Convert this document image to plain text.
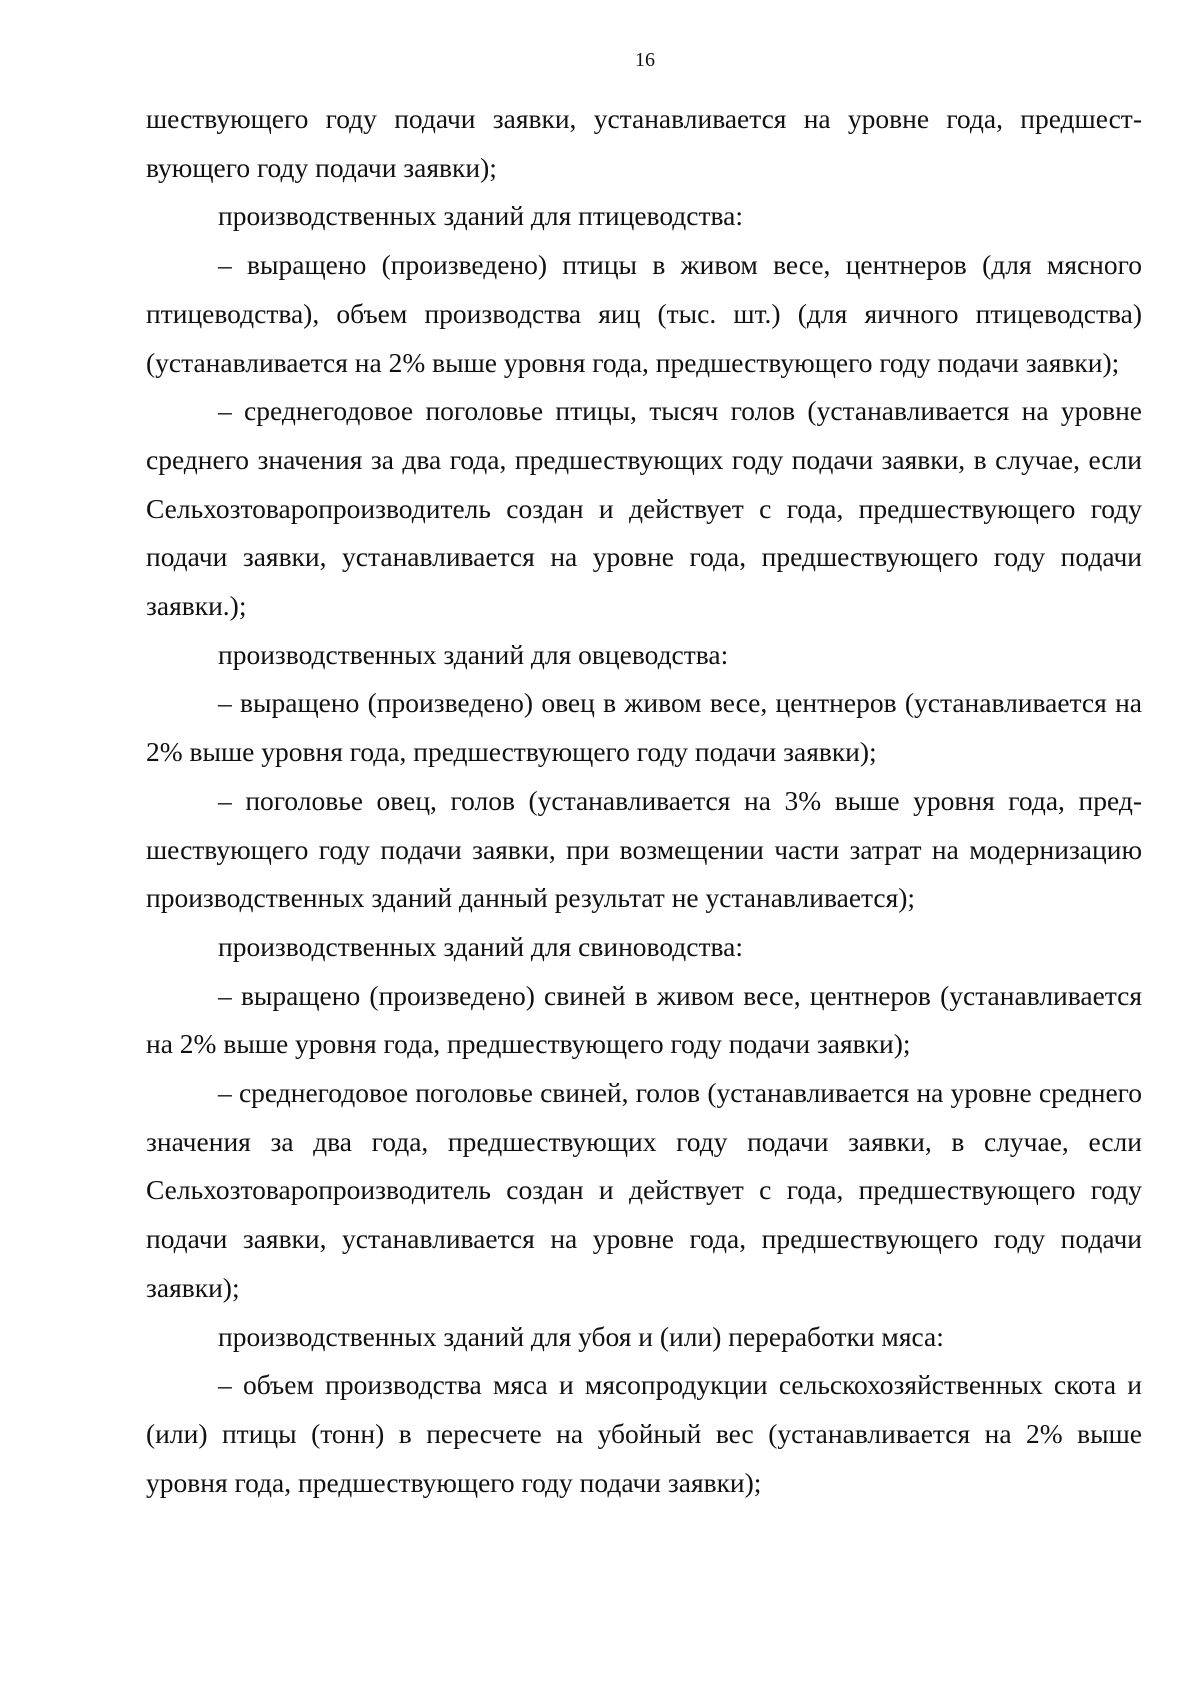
16

шествующего году подачи заявки, устанавливается на уровне года, предшествующего году подачи заявки);

производственных зданий для птицеводства:

– выращено (произведено) птицы в живом весе, центнеров (для мясного птицеводства), объем производства яиц (тыс. шт.) (для яичного птицеводства) (устанавливается на 2% выше уровня года, предшествующего году подачи заявки);

– среднегодовое поголовье птицы, тысяч голов (устанавливается на уровне среднего значения за два года, предшествующих году подачи заявки, в случае, если Сельхозтоваропроизводитель создан и действует с года, предшествующего году подачи заявки, устанавливается на уровне года, предшествующего году подачи заявки.);

производственных зданий для овцеводства:

– выращено (произведено) овец в живом весе, центнеров (устанавливается на 2% выше уровня года, предшествующего году подачи заявки);

– поголовье овец, голов (устанавливается на 3% выше уровня года, предшествующего году подачи заявки, при возмещении части затрат на модернизацию производственных зданий данный результат не устанавливается);

производственных зданий для свиноводства:

– выращено (произведено) свиней в живом весе, центнеров (устанавливается на 2% выше уровня года, предшествующего году подачи заявки);

– среднегодовое поголовье свиней, голов (устанавливается на уровне среднего значения за два года, предшествующих году подачи заявки, в случае, если Сельхозтоваропроизводитель создан и действует с года, предшествующего году подачи заявки, устанавливается на уровне года, предшествующего году подачи заявки);

производственных зданий для убоя и (или) переработки мяса:

– объем производства мяса и мясопродукции сельскохозяйственных скота и (или) птицы (тонн) в пересчете на убойный вес (устанавливается на 2% выше уровня года, предшествующего году подачи заявки);
